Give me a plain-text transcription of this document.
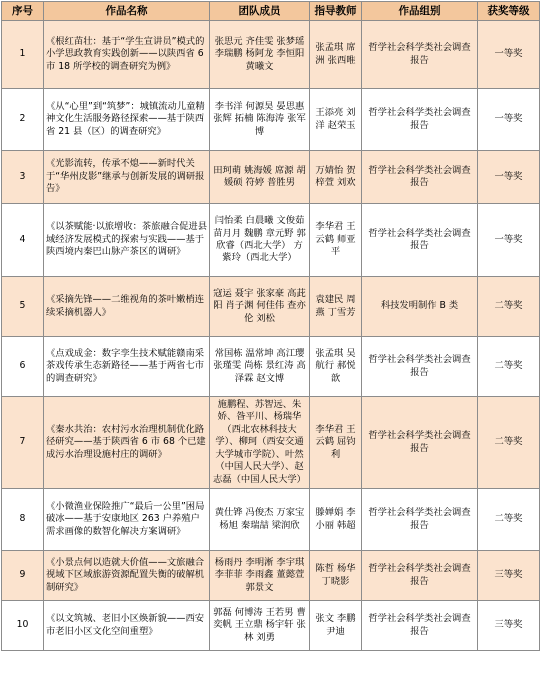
序号	作品名称	团队成员	指导教师	作品组别	获奖等级
1	《根红苗壮：基于“学生宣讲员”模式的小学思政教育实践创新——以陕西省 6 市 18 所学校的调查研究为例》	张思元 齐佳雯 张梦瑶 李瑞鹏 杨阿龙 李恒阳 黄曦文	张孟琪 席洲 张西唯	哲学社会科学类社会调查报告	一等奖
2	《从“心里”到“筑梦”：城镇流动儿童精神文化生活服务路径探索——基于陕西省 21 县（区）的调查研究》	李书洋 何源昊 晏思惠张辉 拓楠 陈海涛 张军博	王添亮 刘洋 赵荣玉	哲学社会科学类社会调查报告	一等奖
3	《光影流转，传承不熄——新时代关于“华州皮影”继承与创新发展的调研报告》	田珂萌 姚海媛 席源 胡媛硕 符婷 普胜男	万婧怡 贺梓萱 刘欢	哲学社会科学类社会调查报告	一等奖
4	《以茶赋能·以旅增收：茶旅融合促进县域经济发展模式的探索与实践——基于陕西境内秦巴山脉产茶区的调研》	闫怡柔 白晨曦 文俊茹 苗月月 魏鹏 章元野 郭欣睿（西北大学） 方紫玲（西北大学）	李华君 王云鹤 师亚平	哲学社会科学类社会调查报告	一等奖
5	《采摘先锋——二维视角的茶叶嫩梢连续采摘机器人》	寇运 聂宇 张家豪 高茈阳 肖子渊 何佳伟 查亦伦 刘松	袁建民 周燕 丁雪芳	科技发明制作 B 类	二等奖
6	《点戏成金：数字孪生技术赋能赣南采茶戏传承生态新路径——基于两省七市的调查研究》	常国栋 温常坤 高江璎 张瑾雯 尚栋 景红涛 高泽霖 赵文博	张孟琪 吴航行 郝悦歆	哲学社会科学类社会调查报告	二等奖
7	《秦水共治：农村污水治理机制优化路径研究——基于陕西省 6 市 68 个已建成污水治理设施村庄的调研》	施鹏程、苏智远、朱娇、昝平川、杨瑞华（西北农林科技大学）、柳珂（西安交通大学城市学院）、叶然（中国人民大学）、赵志磊（中国人民大学）	李华君 王云鹤 屈钧利	哲学社会科学类社会调查报告	二等奖
8	《小微渔业保险推广“最后一公里”困局破冰——基于安康地区 263 户养殖户需求画像的数智化解决方案调研》	黄仕铧 冯俊杰 万家宝 杨旭 秦瑞喆 梁润欣	滕婵娟 李小丽 韩超	哲学社会科学类社会调查报告	二等奖
9	《小景点何以造就大价值——文旅融合视域下区域旅游资源配置失衡的破解机制研究》	杨雨丹 李明淅 李宇琪 李菲菲 李雨鑫 董懿萱 郭景文	陈哲 杨华 丁晓影	哲学社会科学类社会调查报告	三等奖
10	《以文筑城、老旧小区焕新貌——西安市老旧小区文化空间重塑》	郭磊 何博涛 王若男 曹奕帆 王立鼎 杨宇轩 张林 刘勇	张文 李鹏 尹迪	哲学社会科学类社会调查报告	三等奖
